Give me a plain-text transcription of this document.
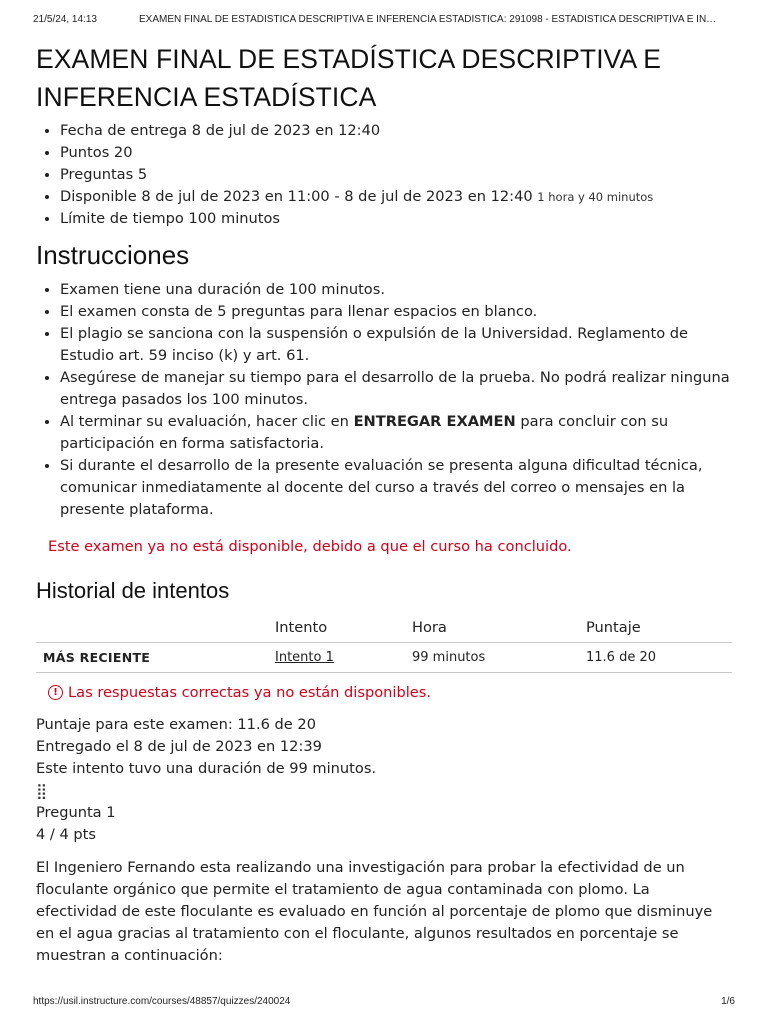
21/5/24, 14:13	EXAMEN FINAL DE ESTADÍSTICA DESCRIPTIVA E INFERENCIA ESTADÍSTICA: 291098 - ESTADÍSTICA DESCRIPTIVA E IN…
EXAMEN FINAL DE ESTADÍSTICA DESCRIPTIVA E INFERENCIA ESTADÍSTICA
• Fecha de entrega 8 de jul de 2023 en 12:40
• Puntos 20
• Preguntas 5
• Disponible 8 de jul de 2023 en 11:00 - 8 de jul de 2023 en 12:40 1 hora y 40 minutos
• Límite de tiempo 100 minutos
Instrucciones
• Examen tiene una duración de 100 minutos.
• El examen consta de 5 preguntas para llenar espacios en blanco.
• El plagio se sanciona con la suspensión o expulsión de la Universidad. Reglamento de Estudio art. 59 inciso (k) y art. 61.
• Asegúrese de manejar su tiempo para el desarrollo de la prueba. No podrá realizar ninguna entrega pasados los 100 minutos.
• Al terminar su evaluación, hacer clic en ENTREGAR EXAMEN para concluir con su participación en forma satisfactoria.
• Si durante el desarrollo de la presente evaluación se presenta alguna dificultad técnica, comunicar inmediatamente al docente del curso a través del correo o mensajes en la presente plataforma.
Este examen ya no está disponible, debido a que el curso ha concluido.
Historial de intentos
	Intento	Hora	Puntaje
MÁS RECIENTE	Intento 1	99 minutos	11.6 de 20
! Las respuestas correctas ya no están disponibles.
Puntaje para este examen: 11.6 de 20
Entregado el 8 de jul de 2023 en 12:39
Este intento tuvo una duración de 99 minutos.
⣿
Pregunta 1
4 / 4 pts

El Ingeniero Fernando esta realizando una investigación para probar la efectividad de un floculante orgánico que permite el tratamiento de agua contaminada con plomo. La efectividad de este floculante es evaluado en función al porcentaje de plomo que disminuye en el agua gracias al tratamiento con el floculante, algunos resultados en porcentaje se muestran a continuación:

https://usil.instructure.com/courses/48857/quizzes/240024	1/6
